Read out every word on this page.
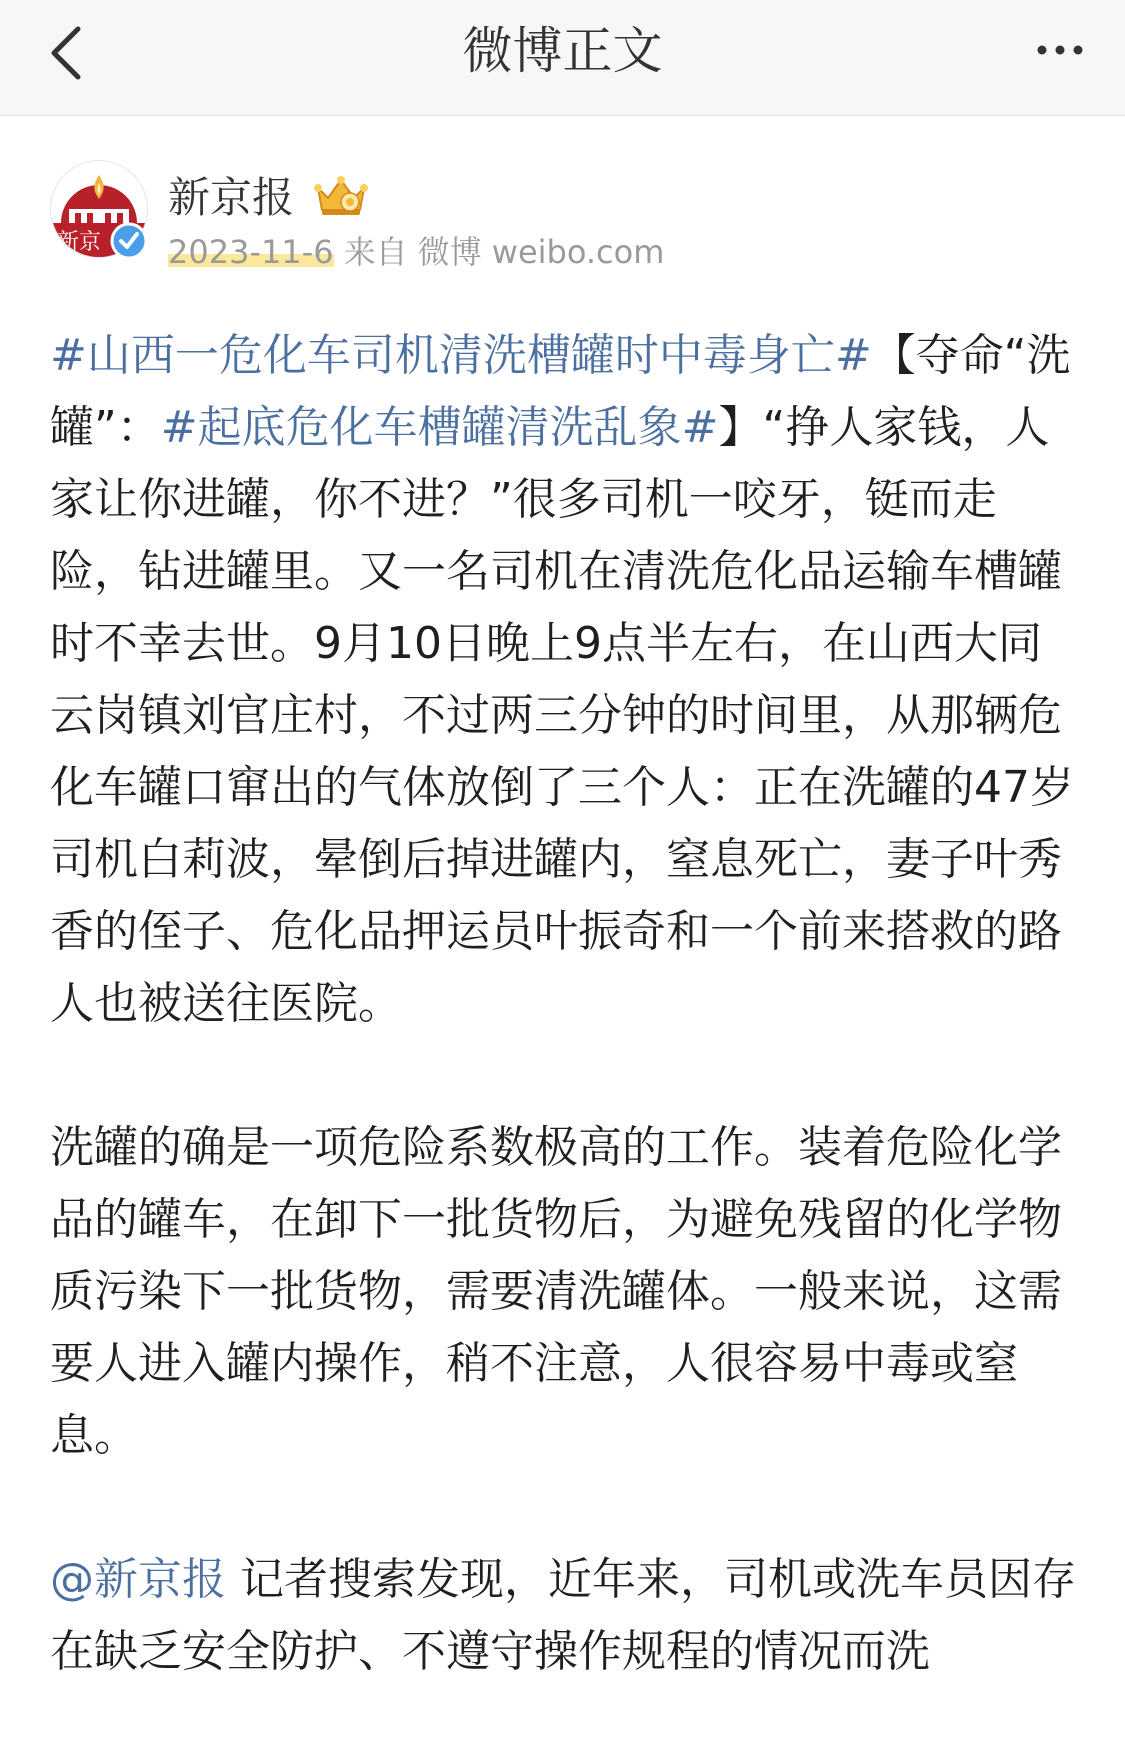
微博正文
新京
新京报
2023-11-6 来自 微博 weibo.com

#山西一危化车司机清洗槽罐时中毒身亡#【夺命“洗罐”：#起底危化车槽罐清洗乱象#】“挣人家钱，人家让你进罐，你不进？”很多司机一咬牙，铤而走险，钻进罐里。又一名司机在清洗危化品运输车槽罐时不幸去世。9月10日晚上9点半左右，在山西大同云岗镇刘官庄村，不过两三分钟的时间里，从那辆危化车罐口窜出的气体放倒了三个人：正在洗罐的47岁司机白莉波，晕倒后掉进罐内，窒息死亡，妻子叶秀香的侄子、危化品押运员叶振奇和一个前来搭救的路人也被送往医院。

洗罐的确是一项危险系数极高的工作。装着危险化学品的罐车，在卸下一批货物后，为避免残留的化学物质污染下一批货物，需要清洗罐体。一般来说，这需要人进入罐内操作，稍不注意，人很容易中毒或窒息。

@新京报 记者搜索发现，近年来，司机或洗车员因存在缺乏安全防护、不遵守操作规程的情况而洗
